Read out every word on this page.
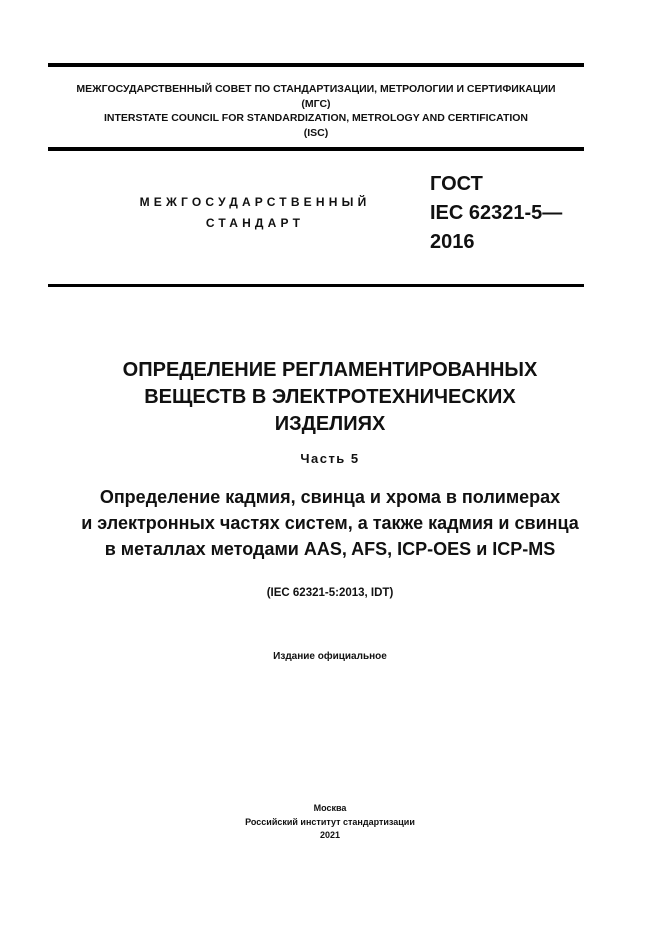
МЕЖГОСУДАРСТВЕННЫЙ СОВЕТ ПО СТАНДАРТИЗАЦИИ, МЕТРОЛОГИИ И СЕРТИФИКАЦИИ
(МГС)
INTERSTATE COUNCIL FOR STANDARDIZATION, METROLOGY AND CERTIFICATION
(ISC)
МЕЖГОСУДАРСТВЕННЫЙ
СТАНДАРТ
ГОСТ
IEC 62321-5—
2016
ОПРЕДЕЛЕНИЕ РЕГЛАМЕНТИРОВАННЫХ
ВЕЩЕСТВ В ЭЛЕКТРОТЕХНИЧЕСКИХ
ИЗДЕЛИЯХ
Часть 5
Определение кадмия, свинца и хрома в полимерах
и электронных частях систем, а также кадмия и свинца
в металлах методами AAS, AFS, ICP-OES и ICP-MS
(IEC 62321-5:2013, IDT)
Издание официальное
Москва
Российский институт стандартизации
2021
